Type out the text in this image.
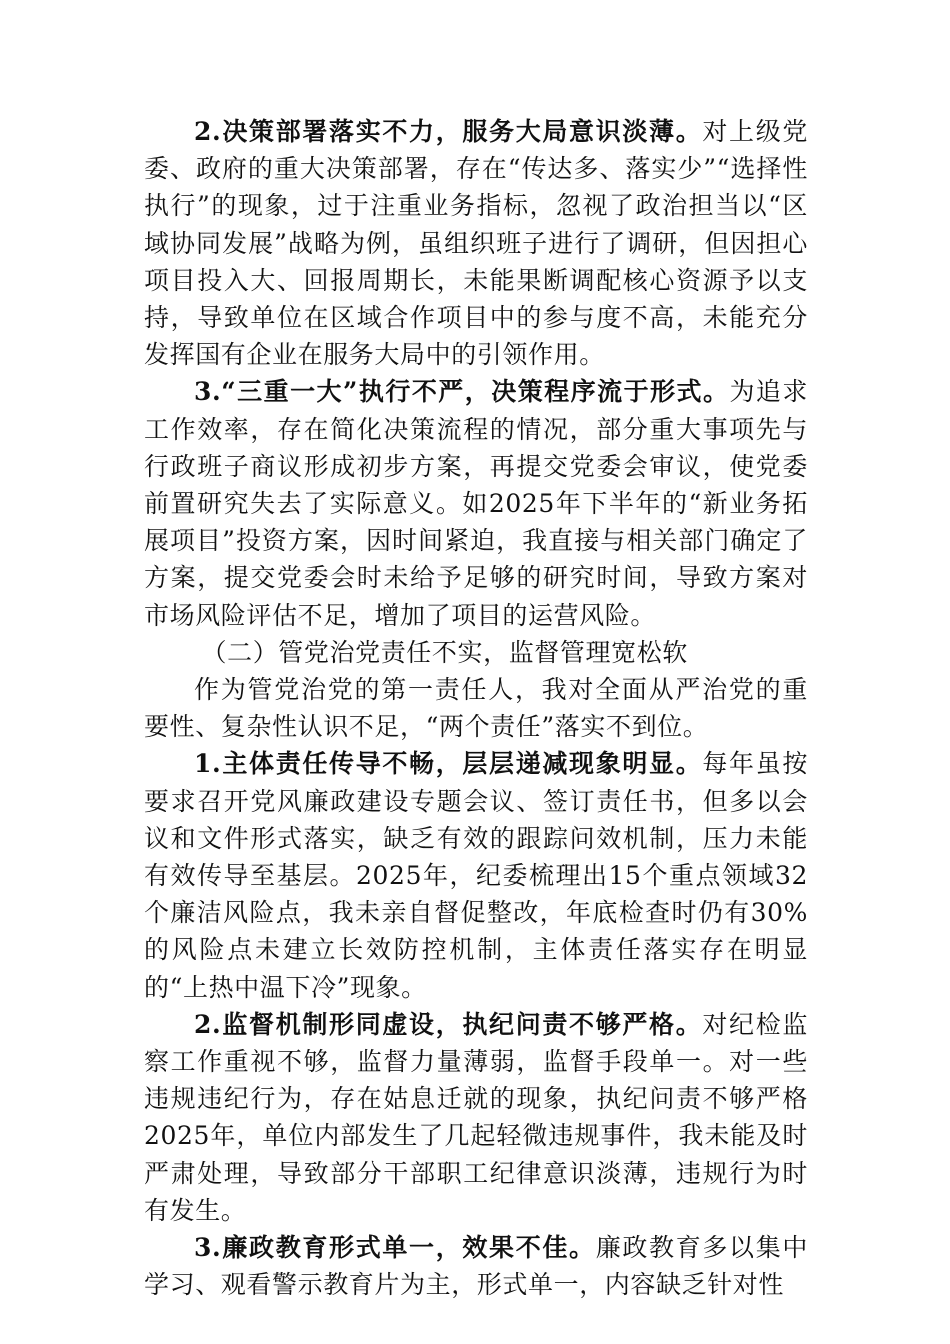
2.决策部署落实不力，服务大局意识淡薄。对上级党委、政府的重大决策部署，存在“传达多、落实少”“选择性执行”的现象，过于注重业务指标，忽视了政治担当以“区域协同发展”战略为例，虽组织班子进行了调研，但因担心项目投入大、回报周期长，未能果断调配核心资源予以支持，导致单位在区域合作项目中的参与度不高，未能充分发挥国有企业在服务大局中的引领作用。

3.“三重一大”执行不严，决策程序流于形式。为追求工作效率，存在简化决策流程的情况，部分重大事项先与行政班子商议形成初步方案，再提交党委会审议，使党委前置研究失去了实际意义。如2025年下半年的“新业务拓展项目”投资方案，因时间紧迫，我直接与相关部门确定了方案，提交党委会时未给予足够的研究时间，导致方案对市场风险评估不足，增加了项目的运营风险。

（二）管党治党责任不实，监督管理宽松软

作为管党治党的第一责任人，我对全面从严治党的重要性、复杂性认识不足，“两个责任”落实不到位。

1.主体责任传导不畅，层层递减现象明显。每年虽按要求召开党风廉政建设专题会议、签订责任书，但多以会议和文件形式落实，缺乏有效的跟踪问效机制，压力未能有效传导至基层。2025年，纪委梳理出15个重点领域32个廉洁风险点，我未亲自督促整改，年底检查时仍有30%的风险点未建立长效防控机制，主体责任落实存在明显的“上热中温下冷”现象。

2.监督机制形同虚设，执纪问责不够严格。对纪检监察工作重视不够，监督力量薄弱，监督手段单一。对一些违规违纪行为，存在姑息迁就的现象，执纪问责不够严格2025年，单位内部发生了几起轻微违规事件，我未能及时严肃处理，导致部分干部职工纪律意识淡薄，违规行为时有发生。

3.廉政教育形式单一，效果不佳。廉政教育多以集中学习、观看警示教育片为主，形式单一，内容缺乏针对性
